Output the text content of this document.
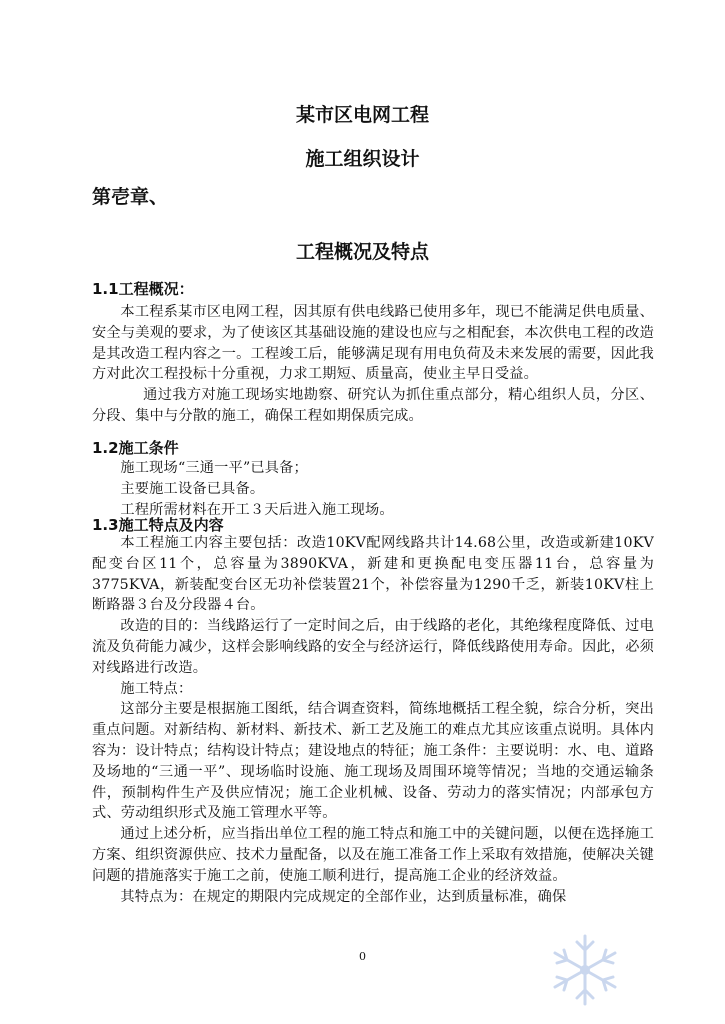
某市区电网工程
施工组织设计
第壱章、
工程概况及特点
1.1工程概况：

本工程系某市区电网工程，因其原有供电线路已使用多年，现已不能满足供电质量、安全与美观的要求，为了使该区其基础设施的建设也应与之相配套，本次供电工程的改造是其改造工程内容之一。工程竣工后，能够满足现有用电负荷及未来发展的需要，因此我方对此次工程投标十分重视，力求工期短、质量高，使业主早日受益。

通过我方对施工现场实地勘察、研究认为抓住重点部分，精心组织人员，分区、分段、集中与分散的施工，确保工程如期保质完成。

1.2施工条件
施工现场“三通一平”已具备；
主要施工设备已具备。
工程所需材料在开工３天后进入施工现场。
1.3施工特点及内容

本工程施工内容主要包括：改造10KV配网线路共计14.68公里，改造或新建10KV配变台区11个，总容量为3890KVA，新建和更换配电变压器11台，总容量为3775KVA，新装配变台区无功补偿装置21个，补偿容量为1290千乏，新装10KV柱上断路器３台及分段器４台。

改造的目的：当线路运行了一定时间之后，由于线路的老化，其绝缘程度降低、过电流及负荷能力减少，这样会影响线路的安全与经济运行，降低线路使用寿命。因此，必须对线路进行改造。

施工特点：

这部分主要是根据施工图纸，结合调查资料，简练地概括工程全貌，综合分析，突出重点问题。对新结构、新材料、新技术、新工艺及施工的难点尤其应该重点说明。具体内容为：设计特点；结构设计特点；建设地点的特征；施工条件：主要说明：水、电、道路及场地的“三通一平”、现场临时设施、施工现场及周围环境等情况；当地的交通运输条件，预制构件生产及供应情况；施工企业机械、设备、劳动力的落实情况；内部承包方式、劳动组织形式及施工管理水平等。

通过上述分析，应当指出单位工程的施工特点和施工中的关键问题，以便在选择施工方案、组织资源供应、技术力量配备，以及在施工准备工作上采取有效措施，使解决关键问题的措施落实于施工之前，使施工顺利进行，提高施工企业的经济效益。

其特点为：在规定的期限内完成规定的全部作业，达到质量标准，确保

0
